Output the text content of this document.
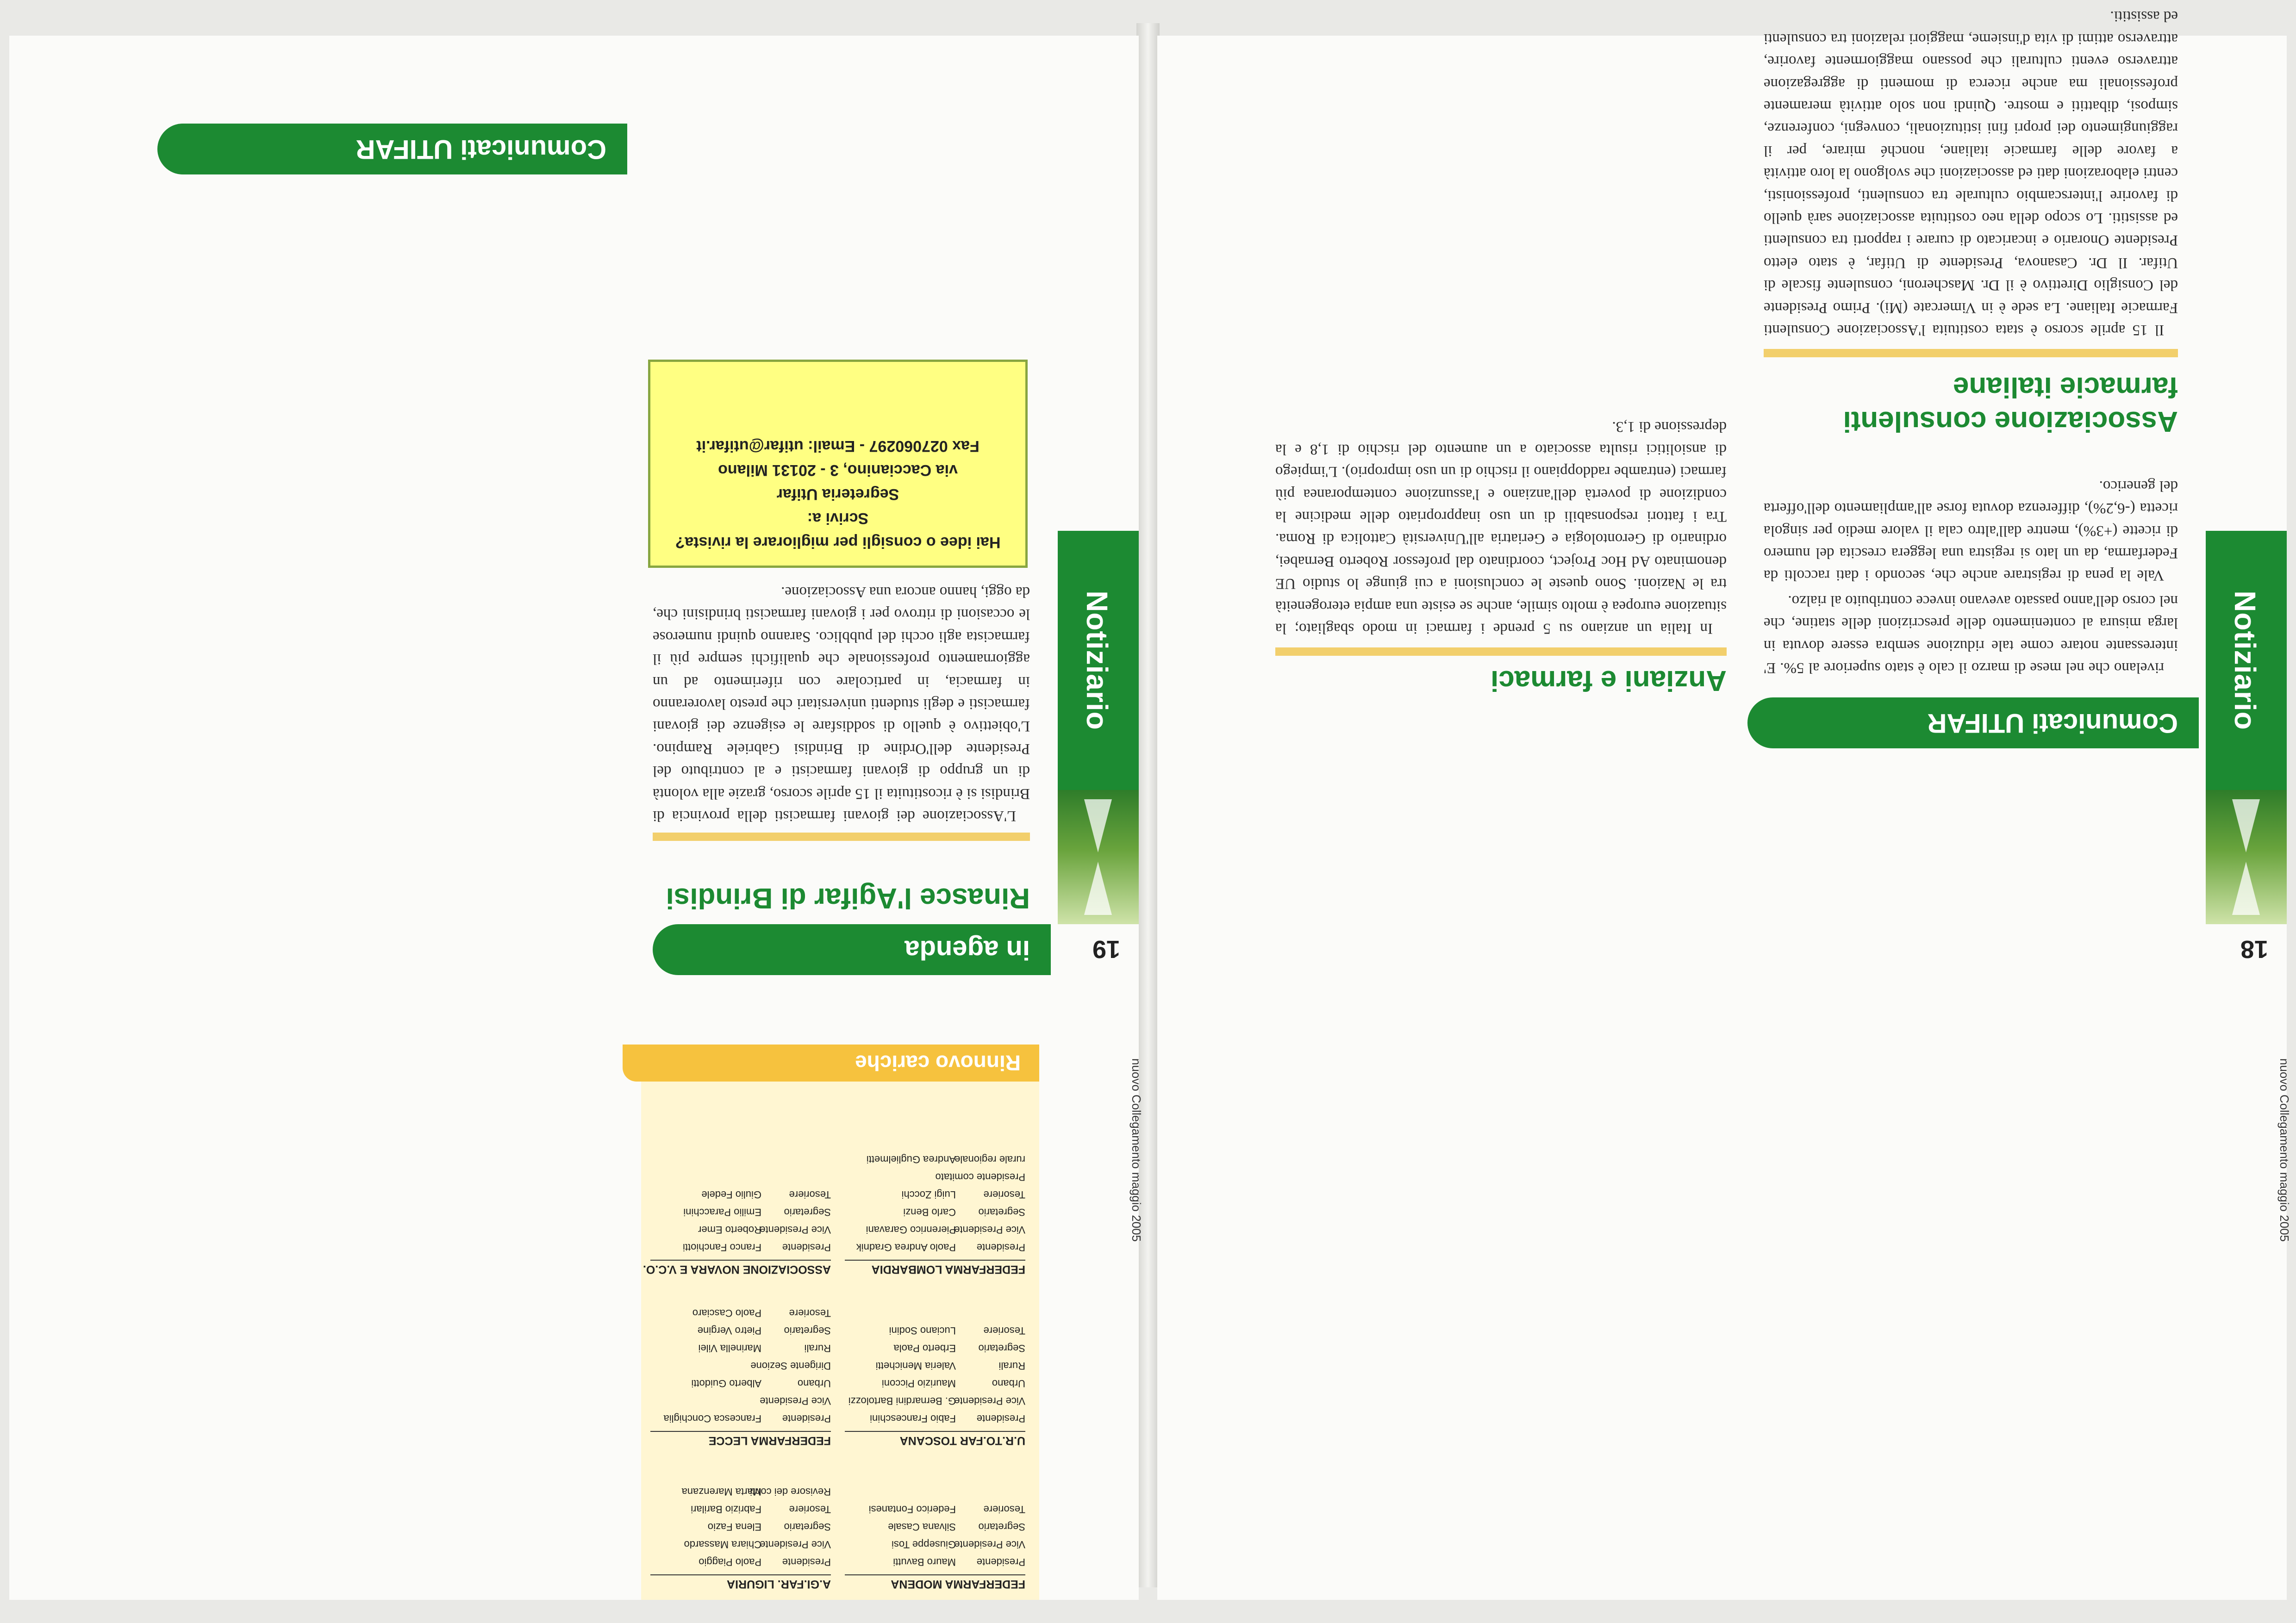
Notiziario
18
nuovo Collegamento maggio 2005
Comunicati UTIFAR

rivelano che nel mese di marzo il calo è stato superiore al 5%. E' interessante notare come tale riduzione sembra essere dovuta in larga misura al contenimento delle prescrizioni delle statine, che nel corso dell'anno passato avevano invece contribuito al rialzo.

Vale la pena di registrare anche che, secondo i dati raccolti da Federfarma, da un lato si registra una leggera crescita del numero di ricette (+3%), mentre dall'altro cala il valore medio per singola ricetta (-6,2%), differenza dovuta forse all'ampliamento dell'offerta del generico.

Associazione consulenti farmacie italiane

Il 15 aprile scorso è stata costituita l'Associazione Consulenti Farmacie Italiane. La sede è in Vimercate (Mi). Primo Presidente del Consiglio Direttivo è il Dr. Mascheroni, consulente fiscale di Utifar. Il Dr. Casanova, Presidente di Utifar, è stato eletto Presidente Onorario e incaricato di curare i rapporti tra consulenti ed assistiti. Lo scopo della neo costituita associazione sarà quello di favorire l'interscambio culturale tra consulenti, professionisti, centri elaborazioni dati ed associazioni che svolgono la loro attività a favore delle farmacie italiane, nonché mirare, per il raggiungimento dei propri fini istituzionali, convegni, conferenze, simposi, dibattiti e mostre. Quindi non solo attività meramente professionali ma anche ricerca di momenti di aggregazione attraverso eventi culturali che possano maggiormente favorire, attraverso attimi di vita d'insieme, maggiori relazioni tra consulenti ed assistiti.

Anziani e farmaci

In Italia un anziano su 5 prende i farmaci in modo sbagliato; la situazione europea è molto simile, anche se esiste una ampia eterogeneità tra le Nazioni. Sono queste le conclusioni a cui giunge lo studio UE denominato Ad Hoc Project, coordinato dal professor Roberto Bernabei, ordinario di Gerontologia e Geriatria all'Università Cattolica di Roma. Tra i fattori responsabili di un uso inappropriato delle medicine la condizione di povertà dell'anziano e l'assunzione contemporanea più farmaci (entrambe raddoppiano il rischio di un uso improprio). L'impiego di ansiolitici risulta associato a un aumento del rischio di 1,8 e la depressione di 1,3.

Notiziario
19
nuovo Collegamento maggio 2005
in agenda
Rinasce l'Agifar di Brindisi

L'Associazione dei giovani farmacisti della provincia di Brindisi si è ricostituita il 15 aprile scorso, grazie alla volontà di un gruppo di giovani farmacisti e al contributo del Presidente dell'Ordine di Brindisi Gabriele Rampino. L'obiettivo è quello di soddisfare le esigenze dei giovani farmacisti e degli studenti universitari che presto lavoreranno in farmacia, in particolare con riferimento ad un aggiornamento professionale che qualifichi sempre più il farmacista agli occhi del pubblico. Saranno quindi numerose le occasioni di ritrovo per i giovani farmacisti brindisini che, da oggi, hanno ancora una Associazione.

Hai idee o consigli per migliorare la rivista?
Scrivi a:
Segreteria Utifar
via Caccianino, 3 - 20131 Milano
Fax 027060297 - Email: utifar@utifar.it
Rinnovo cariche
FEDERFARMA LOMBARDIA
Presidente
Paolo Andrea Gradnik
Vice Presidente
Pierenrico Garavani
Segretario
Carlo Benzi
Tesoriere
Luigi Zocchi
Presidente comitato
rurale regionale
Andrea Guglielmetti
ASSOCIAZIONE NOVARA E V.C.O.
Presidente
Franco Fanchiotti
Vice Presidente
Roberto Emer
Segretario
Emilio Paracchini
Tesoriere
Giulio Fedele
U.R.TO.FAR TOSCANA
Presidente
Fabio Franceschini
Vice Presidente
G. Bernardini Bartolozzi
Urbano
Maurizio Picconi
Rurali
Valeria Menichetti
Segretario
Erberto Paola
Tesoriere
Luciano Sodini
FEDERFARMA LECCE
Presidente
Francesca Conchiglia
Vice Presidente
Urbano
Alberto Guidotti
Dirigente Sezione
Rurali
Marinella Vilei
Segretario
Pietro Vergine
Tesoriere
Paolo Casciaro
FEDERFARMA MODENA
Presidente
Mauro Bavutti
Vice Presidente
Giuseppe Tosi
Segretario
Silvana Casale
Tesoriere
Federico Fontanesi
A.GI.FAR. LIGURIA
Presidente
Paolo Piaggio
Vice Presidente
Chiara Massardo
Segretario
Elena Fazio
Tesoriere
Fabrizio Barilari
Revisore dei conti
Marta Marenzana
Comunicati UTIFAR
